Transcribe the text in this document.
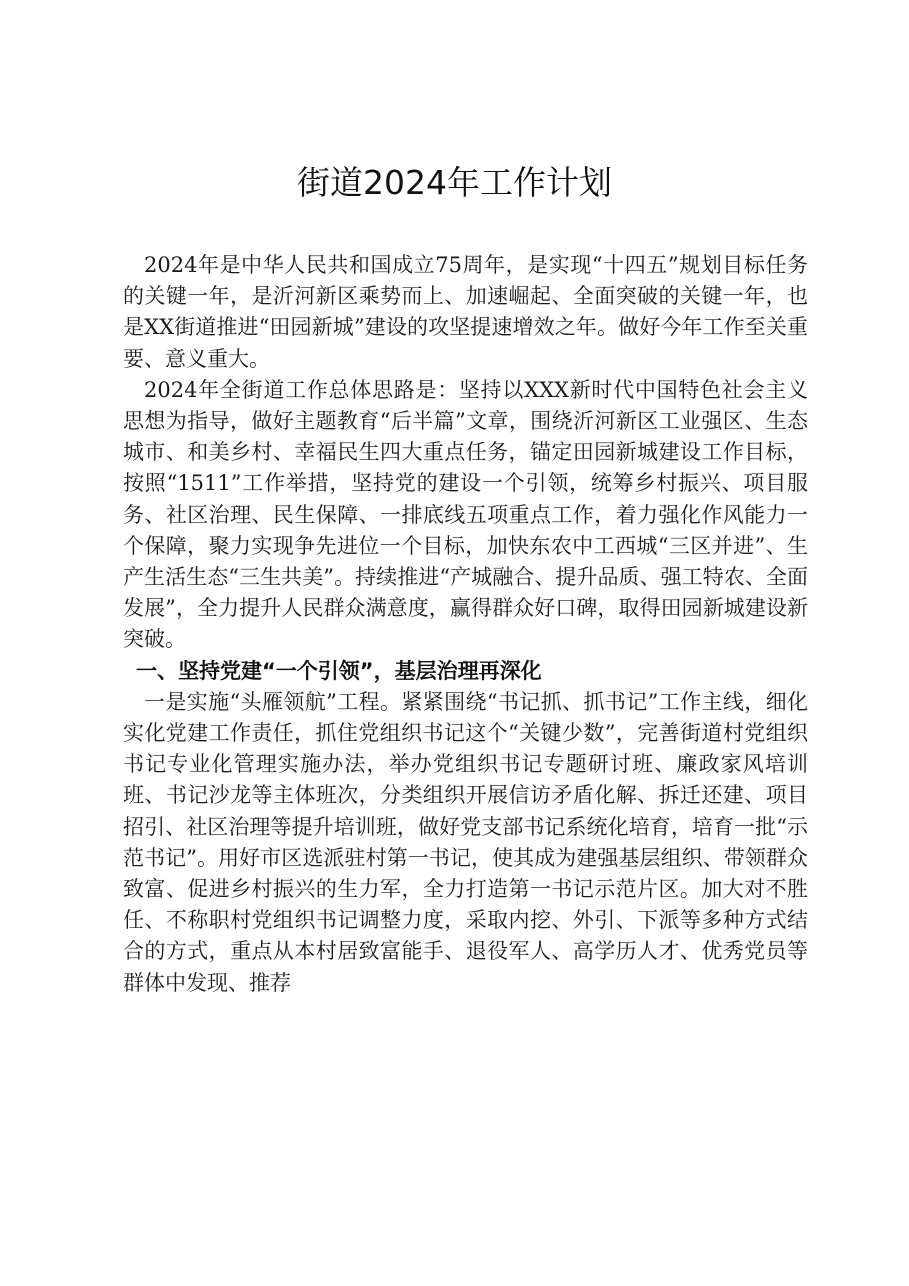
街道2024年工作计划

2024年是中华人民共和国成立75周年，是实现“十四五”规划目标任务的关键一年，是沂河新区乘势而上、加速崛起、全面突破的关键一年，也是XX街道推进“田园新城”建设的攻坚提速增效之年。做好今年工作至关重要、意义重大。

2024年全街道工作总体思路是：坚持以XXX新时代中国特色社会主义思想为指导，做好主题教育“后半篇”文章，围绕沂河新区工业强区、生态城市、和美乡村、幸福民生四大重点任务，锚定田园新城建设工作目标，按照“1511”工作举措，坚持党的建设一个引领，统筹乡村振兴、项目服务、社区治理、民生保障、一排底线五项重点工作，着力强化作风能力一个保障，聚力实现争先进位一个目标，加快东农中工西城“三区并进”、生产生活生态“三生共美”。持续推进“产城融合、提升品质、强工特农、全面发展”，全力提升人民群众满意度，赢得群众好口碑，取得田园新城建设新突破。

一、坚持党建“一个引领”，基层治理再深化

一是实施“头雁领航”工程。紧紧围绕“书记抓、抓书记”工作主线，细化实化党建工作责任，抓住党组织书记这个“关键少数”，完善街道村党组织书记专业化管理实施办法，举办党组织书记专题研讨班、廉政家风培训班、书记沙龙等主体班次，分类组织开展信访矛盾化解、拆迁还建、项目招引、社区治理等提升培训班，做好党支部书记系统化培育，培育一批“示范书记”。用好市区选派驻村第一书记，使其成为建强基层组织、带领群众致富、促进乡村振兴的生力军，全力打造第一书记示范片区。加大对不胜任、不称职村党组织书记调整力度，采取内挖、外引、下派等多种方式结合的方式，重点从本村居致富能手、退役军人、高学历人才、优秀党员等群体中发现、推荐
